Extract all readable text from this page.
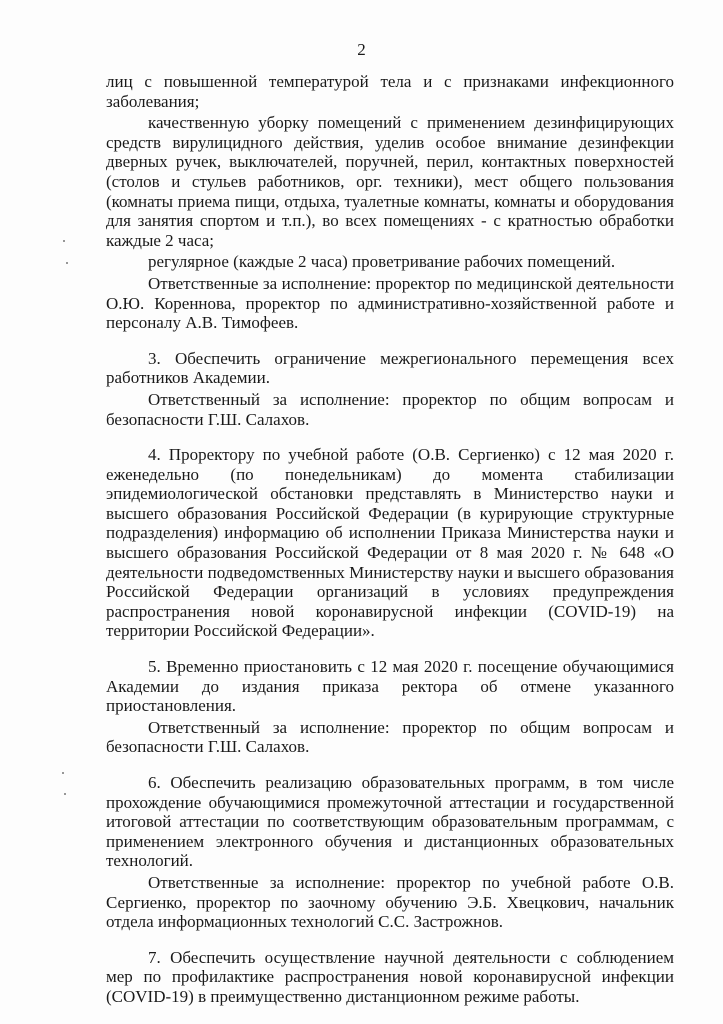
2

лиц с повышенной температурой тела и с признаками инфекционного заболевания;

качественную уборку помещений с применением дезинфицирующих средств вирулицидного действия, уделив особое внимание дезинфекции дверных ручек, выключателей, поручней, перил, контактных поверхностей (столов и стульев работников, орг. техники), мест общего пользования (комнаты приема пищи, отдыха, туалетные комнаты, комнаты и оборудования для занятия спортом и т.п.), во всех помещениях - с кратностью обработки каждые 2 часа;

регулярное (каждые 2 часа) проветривание рабочих помещений.

Ответственные за исполнение: проректор по медицинской деятельности О.Ю. Кореннова, проректор по административно-хозяйственной работе и персоналу А.В. Тимофеев.

3. Обеспечить ограничение межрегионального перемещения всех работников Академии.

Ответственный за исполнение: проректор по общим вопросам и безопасности Г.Ш. Салахов.

4. Проректору по учебной работе (О.В. Сергиенко) с 12 мая 2020 г. еженедельно (по понедельникам) до момента стабилизации эпидемиологической обстановки представлять в Министерство науки и высшего образования Российской Федерации (в курирующие структурные подразделения) информацию об исполнении Приказа Министерства науки и высшего образования Российской Федерации от 8 мая 2020 г. № 648 «О деятельности подведомственных Министерству науки и высшего образования Российской Федерации организаций в условиях предупреждения распространения новой коронавирусной инфекции (COVID-19) на территории Российской Федерации».

5. Временно приостановить с 12 мая 2020 г. посещение обучающимися Академии до издания приказа ректора об отмене указанного приостановления.

Ответственный за исполнение: проректор по общим вопросам и безопасности Г.Ш. Салахов.

6. Обеспечить реализацию образовательных программ, в том числе прохождение обучающимися промежуточной аттестации и государственной итоговой аттестации по соответствующим образовательным программам, с применением электронного обучения и дистанционных образовательных технологий.

Ответственные за исполнение: проректор по учебной работе О.В. Сергиенко, проректор по заочному обучению Э.Б. Хвецкович, начальник отдела информационных технологий С.С. Застрожнов.

7. Обеспечить осуществление научной деятельности с соблюдением мер по профилактике распространения новой коронавирусной инфекции (COVID-19) в преимущественно дистанционном режиме работы.
